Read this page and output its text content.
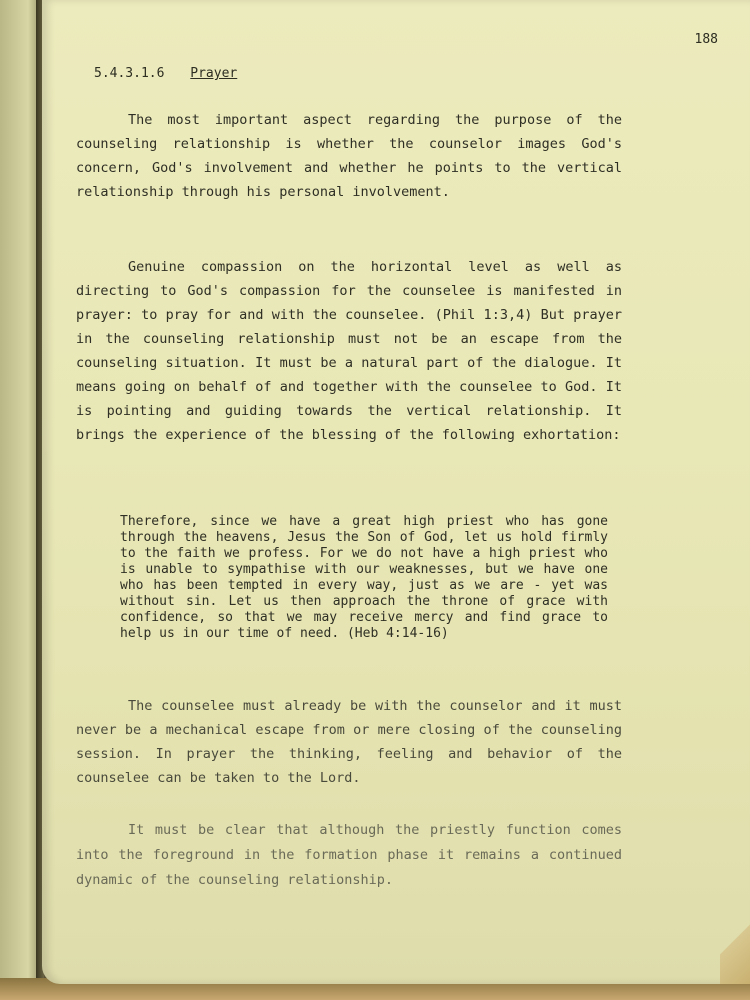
188
5.4.3.1.6 Prayer
The most important aspect regarding the purpose of the counseling relationship is whether the counselor images God's concern, God's involvement and whether he points to the vertical relationship through his personal involvement.
Genuine compassion on the horizontal level as well as directing to God's compassion for the counselee is manifested in prayer: to pray for and with the counselee. (Phil 1:3,4) But prayer in the counseling relationship must not be an escape from the counseling situation. It must be a natural part of the dialogue. It means going on behalf of and together with the counselee to God. It is pointing and guiding towards the vertical relationship. It brings the experience of the blessing of the following exhortation:
Therefore, since we have a great high priest who has gone through the heavens, Jesus the Son of God, let us hold firmly to the faith we profess. For we do not have a high priest who is unable to sympathise with our weaknesses, but we have one who has been tempted in every way, just as we are - yet was without sin. Let us then approach the throne of grace with confidence, so that we may receive mercy and find grace to help us in our time of need. (Heb 4:14-16)
The counselee must already be with the counselor and it must never be a mechanical escape from or mere closing of the counseling session. In prayer the thinking, feeling and behavior of the counselee can be taken to the Lord.
It must be clear that although the priestly function comes into the foreground in the formation phase it remains a continued dynamic of the counseling relationship.
